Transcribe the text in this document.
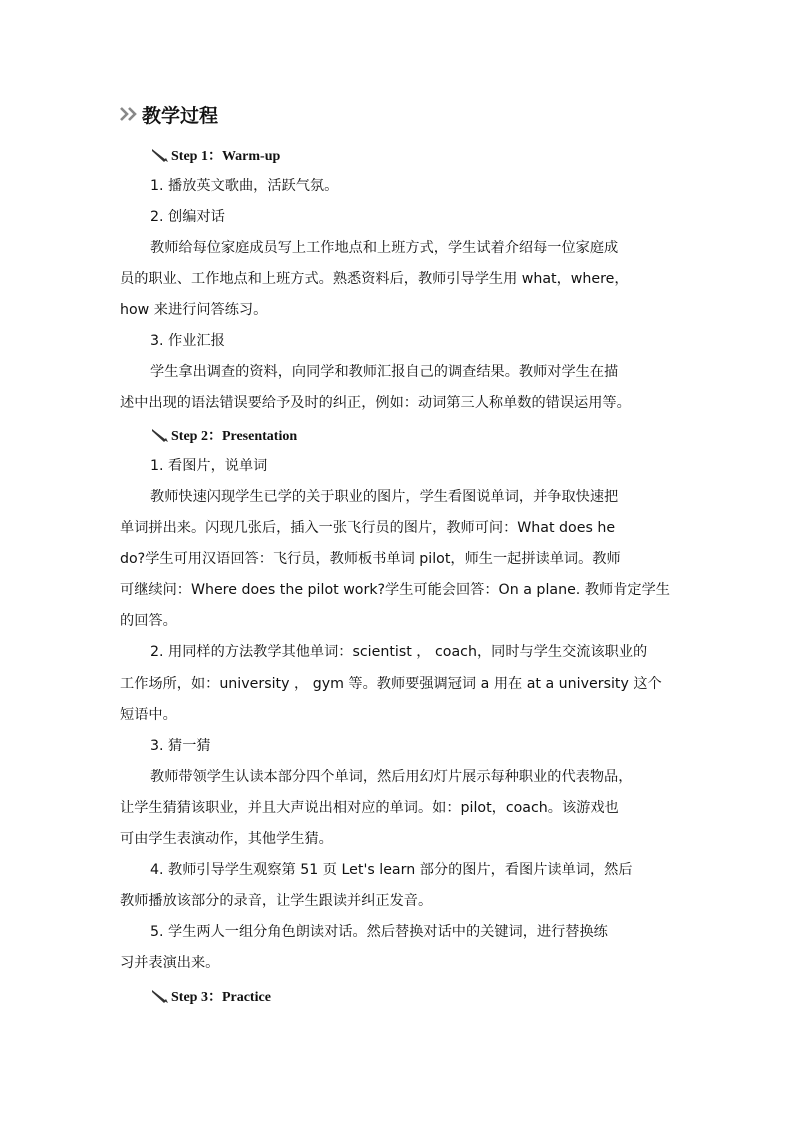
教学过程
Step 1：Warm-up
1. 播放英文歌曲，活跃气氛。
2. 创编对话
教师给每位家庭成员写上工作地点和上班方式，学生试着介绍每一位家庭成
员的职业、工作地点和上班方式。熟悉资料后，教师引导学生用 what，where，
how 来进行问答练习。
3. 作业汇报
学生拿出调查的资料，向同学和教师汇报自己的调查结果。教师对学生在描
述中出现的语法错误要给予及时的纠正，例如：动词第三人称单数的错误运用等。
Step 2：Presentation
1. 看图片，说单词
教师快速闪现学生已学的关于职业的图片，学生看图说单词，并争取快速把
单词拼出来。闪现几张后，插入一张飞行员的图片，教师可问：What does he
do?学生可用汉语回答：飞行员，教师板书单词 pilot，师生一起拼读单词。教师
可继续问：Where does the pilot work?学生可能会回答：On a plane. 教师肯定学生
的回答。
2. 用同样的方法教学其他单词：scientist ， coach，同时与学生交流该职业的
工作场所，如：university ， gym 等。教师要强调冠词 a 用在 at a university 这个
短语中。
3. 猜一猜
教师带领学生认读本部分四个单词，然后用幻灯片展示每种职业的代表物品，
让学生猜猜该职业，并且大声说出相对应的单词。如：pilot，coach。该游戏也
可由学生表演动作，其他学生猜。
4. 教师引导学生观察第 51 页 Let's learn 部分的图片，看图片读单词，然后
教师播放该部分的录音，让学生跟读并纠正发音。
5. 学生两人一组分角色朗读对话。然后替换对话中的关键词，进行替换练
习并表演出来。
Step 3：Practice
